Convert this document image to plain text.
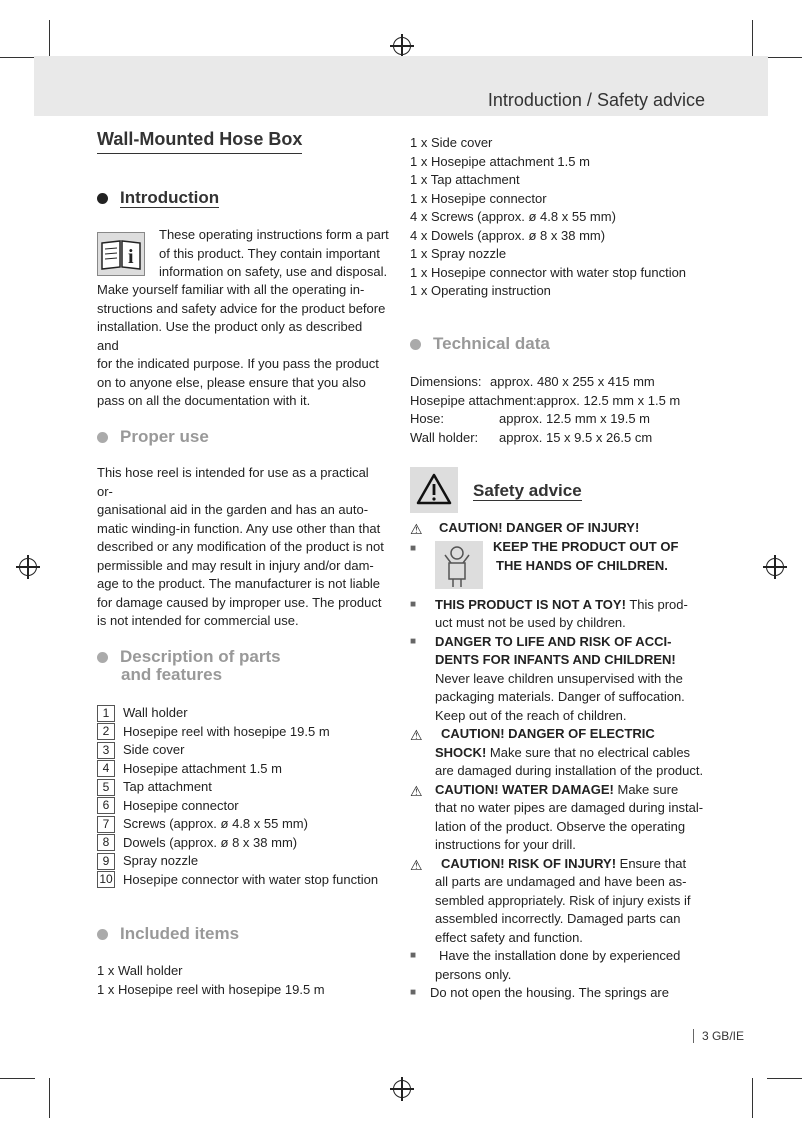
Introduction / Safety advice
Wall-Mounted Hose Box
Introduction
i

These operating instructions form a part

of this product. They contain important

information on safety, use and disposal.

Make yourself familiar with all the operating in-

structions and safety advice for the product before

installation. Use the product only as described and

for the indicated purpose. If you pass the product

on to anyone else, please ensure that you also

pass on all the documentation with it.

Proper use

This hose reel is intended for use as a practical or-

ganisational aid in the garden and has an auto-

matic winding-in function. Any use other than that

described or any modification of the product is not

permissible and may result in injury and/or dam-

age to the product. The manufacturer is not liable

for damage caused by improper use. The product

is not intended for commercial use.

Description of parts
and features
1	Wall holder
2	Hosepipe reel with hosepipe 19.5 m
3	Side cover
4	Hosepipe attachment 1.5 m
5	Tap attachment
6	Hosepipe connector
7	Screws (approx. ø 4.8 x 55 mm)
8	Dowels (approx. ø 8 x 38 mm)
9	Spray nozzle
10 Hosepipe connector with water stop function
Included items

1 x Wall holder

1 x Hosepipe reel with hosepipe 19.5 m

1 x Side cover

1 x Hosepipe attachment 1.5 m

1 x Tap attachment

1 x Hosepipe connector

4 x Screws (approx. ø 4.8 x 55 mm)

4 x Dowels (approx. ø 8 x 38 mm)

1 x Spray nozzle

1 x Hosepipe connector with water stop function

1 x Operating instruction

Technical data
Dimensions: approx. 480 x 255 x 415 mm
Hosepipe attachment: approx. 12.5 mm x 1.5 m
Hose:	approx. 12.5 mm x 19.5 m
Wall holder:	approx. 15 x 9.5 x 26.5 cm
Safety advice
⚠ CAUTION! DANGER OF INJURY!
■	KEEP THE PRODUCT OUT OF
THE HANDS OF CHILDREN.
■ THIS PRODUCT IS NOT A TOY! This prod-
uct must not be used by children.
■ DANGER TO LIFE AND RISK OF ACCI-
DENTS FOR INFANTS AND CHILDREN!
Never leave children unsupervised with the
packaging materials. Danger of suffocation.
Keep out of the reach of children.
⚠ CAUTION! DANGER OF ELECTRIC
SHOCK! Make sure that no electrical cables
are damaged during installation of the product.
⚠ CAUTION! WATER DAMAGE! Make sure
that no water pipes are damaged during instal-
lation of the product. Observe the operating
instructions for your drill.
⚠ CAUTION! RISK OF INJURY! Ensure that
all parts are undamaged and have been as-
sembled appropriately. Risk of injury exists if
assembled incorrectly. Damaged parts can
effect safety and function.
■ Have the installation done by experienced
persons only.
■ Do not open the housing. The springs are
3 GB/IE
